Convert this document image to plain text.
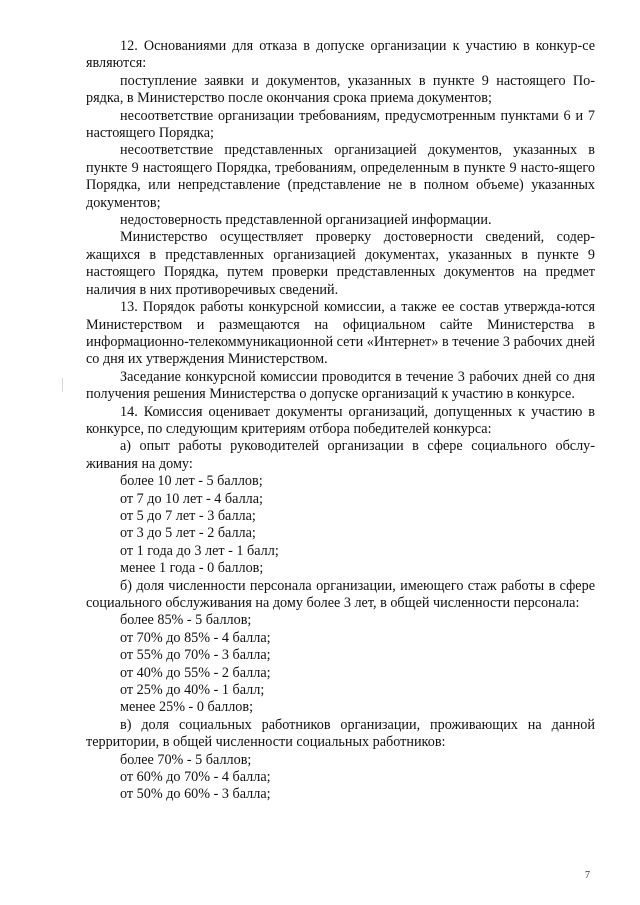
12. Основаниями для отказа в допуске организации к участию в конкур-се являются:
поступление заявки и документов, указанных в пункте 9 настоящего По-рядка, в Министерство после окончания срока приема документов;
несоответствие организации требованиям, предусмотренным пунктами 6 и 7 настоящего Порядка;
несоответствие представленных организацией документов, указанных в пункте 9 настоящего Порядка, требованиям, определенным в пункте 9 насто-ящего Порядка, или непредставление (представление не в полном объеме) указанных документов;
недостоверность представленной организацией информации.
Министерство осуществляет проверку достоверности сведений, содер-жащихся в представленных организацией документах, указанных в пункте 9 настоящего Порядка, путем проверки представленных документов на предмет наличия в них противоречивых сведений.
13. Порядок работы конкурсной комиссии, а также ее состав утвержда-ются Министерством и размещаются на официальном сайте Министерства в информационно-телекоммуникационной сети «Интернет» в течение 3 рабочих дней со дня их утверждения Министерством.
Заседание конкурсной комиссии проводится в течение 3 рабочих дней со дня получения решения Министерства о допуске организаций к участию в конкурсе.
14. Комиссия оценивает документы организаций, допущенных к участию в конкурсе, по следующим критериям отбора победителей конкурса:
а) опыт работы руководителей организации в сфере социального обслу-живания на дому:
более 10 лет - 5 баллов;
от 7 до 10 лет - 4 балла;
от 5 до 7 лет - 3 балла;
от 3 до 5 лет - 2 балла;
от 1 года до 3 лет - 1 балл;
менее 1 года - 0 баллов;
б) доля численности персонала организации, имеющего стаж работы в сфере социального обслуживания на дому более 3 лет, в общей численности персонала:
более 85% - 5 баллов;
от 70% до 85% - 4 балла;
от 55% до 70% - 3 балла;
от 40% до 55% - 2 балла;
от 25% до 40% - 1 балл;
менее 25% - 0 баллов;
в) доля социальных работников организации, проживающих на данной территории, в общей численности социальных работников:
более 70% - 5 баллов;
от 60% до 70% - 4 балла;
от 50% до 60% - 3 балла;
7
